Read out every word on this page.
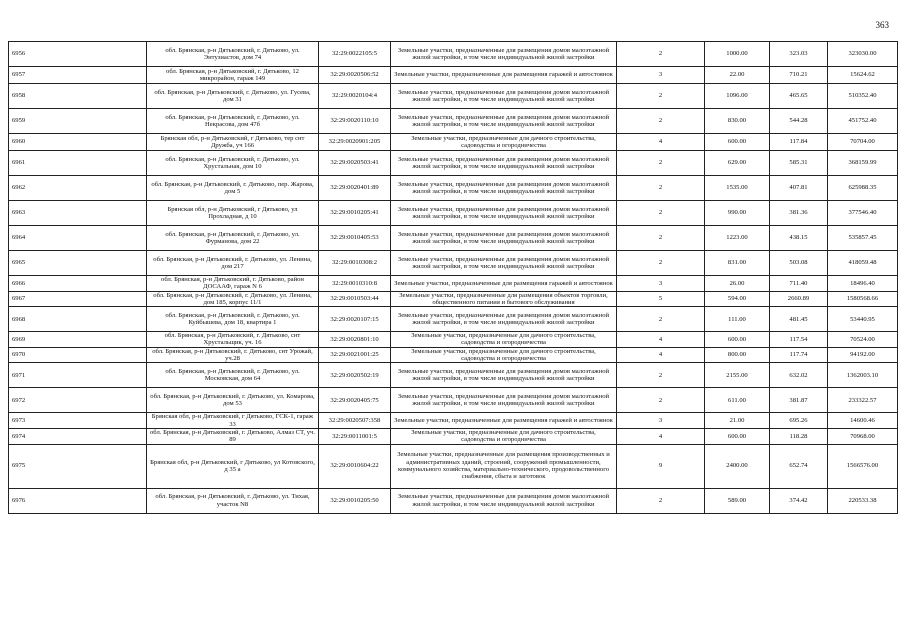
363
6956	обл. Брянская, р-н Дятьковский, г. Дятьково, ул. Энтузиастов, дом 74	32:29:0022105:5	Земельные участки, предназначенные для размещения домов малоэтажной жилой застройки, в том числе индивидуальной жилой застройки	2	1000.00	323.03	323030.00
6957	обл. Брянская, р-н Дятьковский, г. Дятьково, 12 микрорайон, гараж 149	32:29:0020506:52	Земельные участки, предназначенные для размещения гаражей и автостоянок	3	22.00	710.21	15624.62
6958	обл. Брянская, р-н Дятьковский, г. Дятьково, ул. Гусева, дом 31	32:29:0020104:4	Земельные участки, предназначенные для размещения домов малоэтажной жилой застройки, в том числе индивидуальной жилой застройки	2	1096.00	465.65	510352.40
6959	обл. Брянская, р-н Дятьковский, г. Дятьково, ул. Некрасова, дом 47б	32:29:0020110:10	Земельные участки, предназначенные для размещения домов малоэтажной жилой застройки, в том числе индивидуальной жилой застройки	2	830.00	544.28	451752.40
6960	Брянская обл, р-н Дятьковский, г Дятьково, тер снт Дружба, уч 166	32:29:0020901:205	Земельные участки, предназначенные для дачного строительства, садоводства и огородничества	4	600.00	117.84	70704.00
6961	обл. Брянская, р-н Дятьковский, г. Дятьково, ул. Хрустальная, дом 10	32:29:0020503:41	Земельные участки, предназначенные для размещения домов малоэтажной жилой застройки, в том числе индивидуальной жилой застройки	2	629.00	585.31	368159.99
6962	обл. Брянская, р-н Дятьковский, г. Дятьково, пер. Жарова, дом 5	32:29:0020401:89	Земельные участки, предназначенные для размещения домов малоэтажной жилой застройки, в том числе индивидуальной жилой застройки	2	1535.00	407.81	625988.35
6963	Брянская обл, р-н Дятьковский, г Дятьково, ул Прохладная, д 10	32:29:0010205:41	Земельные участки, предназначенные для размещения домов малоэтажной жилой застройки, в том числе индивидуальной жилой застройки	2	990.00	381.36	377546.40
6964	обл. Брянская, р-н Дятьковский, г. Дятьково, ул. Фурмановa, дом 22	32:29:0010405:53	Земельные участки, предназначенные для размещения домов малоэтажной жилой застройки, в том числе индивидуальной жилой застройки	2	1223.00	438.15	535857.45
6965	обл. Брянская, р-н Дятьковский, г. Дятьково, ул. Ленина, дом 217	32:29:0010308:2	Земельные участки, предназначенные для размещения домов малоэтажной жилой застройки, в том числе индивидуальной жилой застройки	2	831.00	503.08	418059.48
6966	обл. Брянская, р-н Дятьковский, г. Дятьково, район ДОСААФ, гараж N 6	32:29:0010310:8	Земельные участки, предназначенные для размещения гаражей и автостоянок	3	26.00	711.40	18496.40
6967	обл. Брянская, р-н Дятьковский, г. Дятьково, ул. Ленина, дом 185, корпус 11/1	32:29:0010503:44	Земельные участки, предназначенные для размещения объектов торговли, общественного питания и бытового обслуживания	5	594.00	2660.89	1580568.66
6968	обл. Брянская, р-н Дятьковский, г. Дятьково, ул. Куйбышева, дом 18, квартира 1	32:29:0020107:15	Земельные участки, предназначенные для размещения домов малоэтажной жилой застройки, в том числе индивидуальной жилой застройки	2	111.00	481.45	53440.95
6969	обл. Брянская, р-н Дятьковский, г. Дятьково, снт Хрустальщик, уч. 16	32:29:0020801:10	Земельные участки, предназначенные для дачного строительства, садоводства и огородничества	4	600.00	117.54	70524.00
6970	обл. Брянская, р-н Дятьковский, г. Дятьково, снт Урожай, уч.28	32:29:0021001:25	Земельные участки, предназначенные для дачного строительства, садоводства и огородничества	4	800.00	117.74	94192.00
6971	обл. Брянская, р-н Дятьковский, г. Дятьково, ул. Московская, дом 64	32:29:0020502:19	Земельные участки, предназначенные для размещения домов малоэтажной жилой застройки, в том числе индивидуальной жилой застройки	2	2155.00	632.02	1362003.10
6972	обл. Брянская, р-н Дятьковский, г. Дятьково, ул. Комарова, дом 53	32:29:0020405:75	Земельные участки, предназначенные для размещения домов малоэтажной жилой застройки, в том числе индивидуальной жилой застройки	2	611.00	381.87	233322.57
6973	Брянская обл, р-н Дятьковский, г Дятьково, ГСК-1, гараж 33	32:29:0020507:358	Земельные участки, предназначенные для размещения гаражей и автостоянок	3	21.00	695.26	14600.46
6974	обл. Брянская, р-н Дятьковский, г. Дятьково, Алмаз СТ, уч. 89	32:29:0011001:5	Земельные участки, предназначенные для дачного строительства, садоводства и огородничества	4	600.00	118.28	70968.00
6975	Брянская обл, р-н Дятьковский, г Дятьково, ул Котовского, д 35 а	32:29:0010604:22	Земельные участки, предназначенные для размещения производственных и административных зданий, строений, сооружений промышленности, коммунального хозяйства, материально-технического, продовольственного снабжения, сбыта и заготовок	9	2400.00	652.74	1566576.00
6976	обл. Брянская, р-н Дятьковский, г. Дятьково, ул. Тихая, участок N8	32:29:0010205:50	Земельные участки, предназначенные для размещения домов малоэтажной жилой застройки, в том числе индивидуальной жилой застройки	2	589.00	374.42	220533.38
